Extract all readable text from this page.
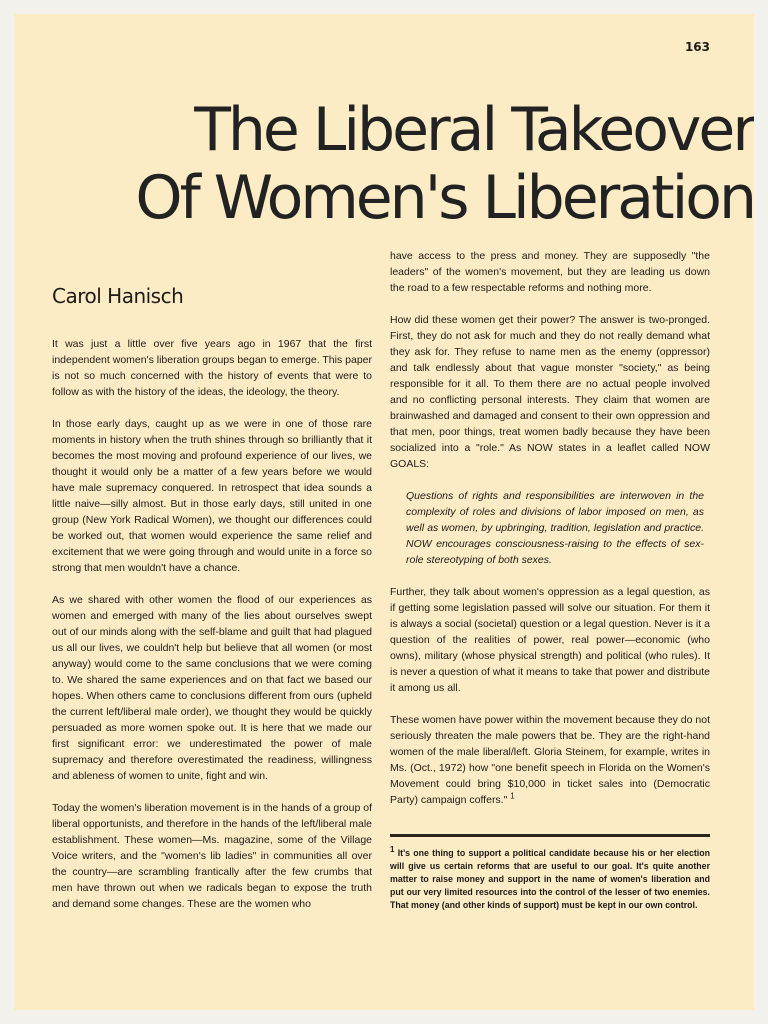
163
The Liberal Takeover
Of Women's Liberation
Carol Hanisch

It was just a little over five years ago in 1967 that the first independent women's liberation groups began to emerge. This paper is not so much concerned with the history of events that were to follow as with the history of the ideas, the ideology, the theory.

In those early days, caught up as we were in one of those rare moments in history when the truth shines through so brilliantly that it becomes the most moving and profound experience of our lives, we thought it would only be a matter of a few years before we would have male supremacy conquered. In retrospect that idea sounds a little naive—silly almost. But in those early days, still united in one group (New York Radical Women), we thought our differences could be worked out, that women would experience the same relief and excitement that we were going through and would unite in a force so strong that men wouldn't have a chance.

As we shared with other women the flood of our experiences as women and emerged with many of the lies about ourselves swept out of our minds along with the self-blame and guilt that had plagued us all our lives, we couldn't help but believe that all women (or most anyway) would come to the same conclusions that we were coming to. We shared the same experiences and on that fact we based our hopes. When others came to conclusions different from ours (upheld the current left/liberal male order), we thought they would be quickly persuaded as more women spoke out. It is here that we made our first significant error: we underestimated the power of male supremacy and therefore overestimated the readiness, willingness and ableness of women to unite, fight and win.

Today the women's liberation movement is in the hands of a group of liberal opportunists, and therefore in the hands of the left/liberal male establishment. These women—Ms. magazine, some of the Village Voice writers, and the "women's lib ladies" in communities all over the country—are scrambling frantically after the few crumbs that men have thrown out when we radicals began to expose the truth and demand some changes. These are the women who

have access to the press and money. They are supposedly "the leaders" of the women's movement, but they are leading us down the road to a few respectable reforms and nothing more.

How did these women get their power? The answer is two-pronged. First, they do not ask for much and they do not really demand what they ask for. They refuse to name men as the enemy (oppressor) and talk endlessly about that vague monster "society," as being responsible for it all. To them there are no actual people involved and no conflicting personal interests. They claim that women are brainwashed and damaged and consent to their own oppression and that men, poor things, treat women badly because they have been socialized into a "role." As NOW states in a leaflet called NOW GOALS:

Questions of rights and responsibilities are interwoven in the complexity of roles and divisions of labor imposed on men, as well as women, by upbringing, tradition, legislation and practice. NOW encourages consciousness-raising to the effects of sex-role stereotyping of both sexes.

Further, they talk about women's oppression as a legal question, as if getting some legislation passed will solve our situation. For them it is always a social (societal) question or a legal question. Never is it a question of the realities of power, real power—economic (who owns), military (whose physical strength) and political (who rules). It is never a question of what it means to take that power and distribute it among us all.

These women have power within the movement because they do not seriously threaten the male powers that be. They are the right-hand women of the male liberal/left. Gloria Steinem, for example, writes in Ms. (Oct., 1972) how "one benefit speech in Florida on the Women's Movement could bring $10,000 in ticket sales into (Democratic Party) campaign coffers." $^1$

$^1$ It's one thing to support a political candidate because his or her election will give us certain reforms that are useful to our goal. It's quite another matter to raise money and support in the name of women's liberation and put our very limited resources into the control of the lesser of two enemies. That money (and other kinds of support) must be kept in our own control.
